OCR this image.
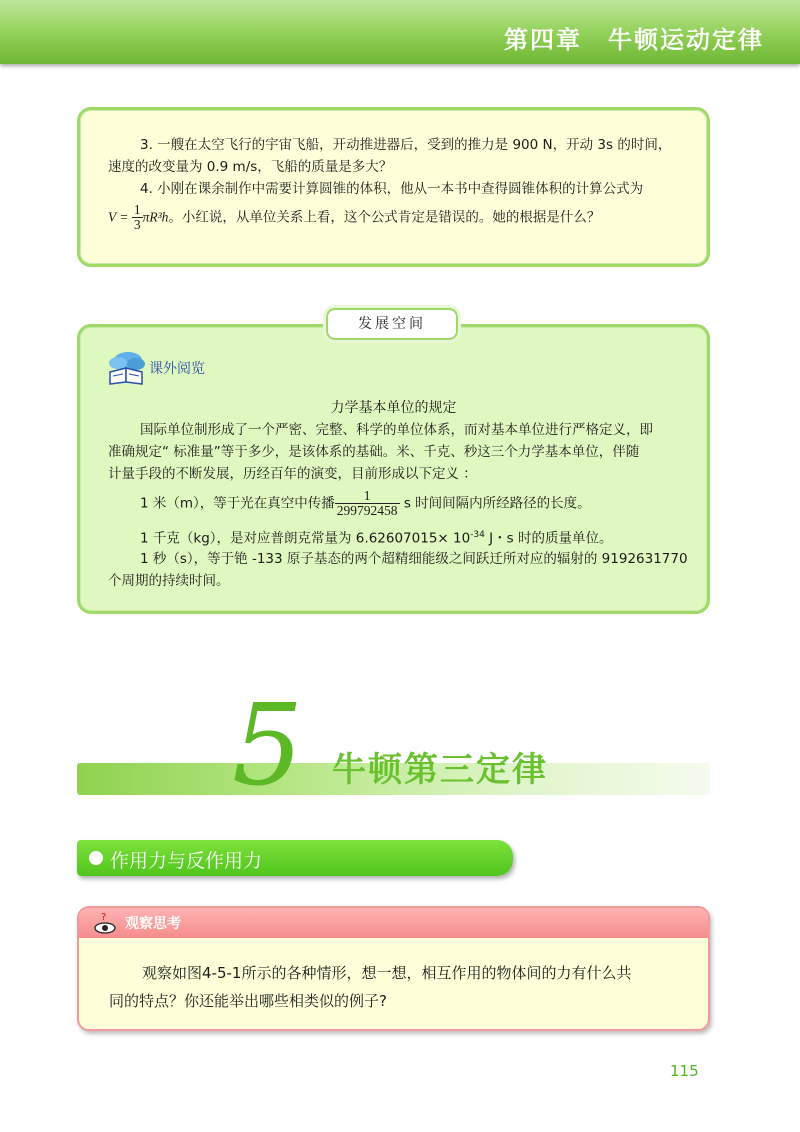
第四章　牛顿运动定律
3. 一艘在太空飞行的宇宙飞船，开动推进器后，受到的推力是 900 N，开动 3s 的时间，
速度的改变量为 0.9 m/s，飞船的质量是多大？
4. 小刚在课余制作中需要计算圆锥的体积，他从一本书中查得圆锥体积的计算公式为
$V = \frac{1}{3} \pi R^3h$。小红说，从单位关系上看，这个公式肯定是错误的。她的根据是什么？
发展空间
课外阅览
力学基本单位的规定
国际单位制形成了一个严密、完整、科学的单位体系，而对基本单位进行严格定义，即
准确规定“ 标准量”等于多少，是该体系的基础。米、千克、秒这三个力学基本单位，伴随
计量手段的不断发展，历经百年的演变，目前形成以下定义 ：
1 米（m），等于光在真空中传播 $\frac{1}{299792458}$ s 时间间隔内所经路径的长度。
1 千克（kg），是对应普朗克常量为 $6.62607015\times 10^{-34}$ J・s 时的质量单位。
1 秒（s），等于铯 -133 原子基态的两个超精细能级之间跃迁所对应的辐射的 9192631770
个周期的持续时间。
5 牛顿第三定律
作用力与反作用力
? 观察思考
观察如图4-5-1所示的各种情形，想一想，相互作用的物体间的力有什么共
同的特点？你还能举出哪些相类似的例子?
115
